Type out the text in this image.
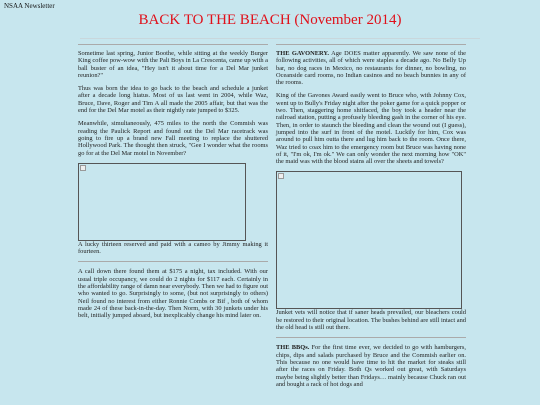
NSAA Newsletter
BACK TO THE BEACH (November 2014)

Sometime last spring, Junior Boothe, while sitting at the weekly Burger King coffee pow-wow with the Pali Boys in La Crescenta, came up with a ball buster of an idea, "Hey isn't it about time for a Del Mar junket reunion?"

Thus was born the idea to go back to the beach and schedule a junket after a decade long hiatus. Most of us last went in 2004, while Waz, Bruce, Dave, Roger and Tim A all made the 2005 affair, but that was the end for the Del Mar motel as their nightly rate jumped to $325.

Meanwhile, simultaneously, 475 miles to the north the Commish was reading the Paulick Report and found out the Del Mar racetrack was going to fire up a brand new Fall meeting to replace the shuttered Hollywood Park. The thought then struck, "Gee I wonder what the rooms go for at the Del Mar motel in November?

A lucky thirteen reserved and paid with a cameo by Jimmy making it fourteen.

A call down there found them at $175 a night, tax included. With our usual triple occupancy, we could do 2 nights for $117 each. Certainly in the affordability range of damn near everybody. Then we had to figure out who wanted to go. Surprisingly to some, (but not surprisingly to others) Neil found no interest from either Ronnie Combs or Bif , both of whom made 24 of these back-in-the-day. Then Norm, with 30 junkets under his belt, initially jumped aboard, but inexplicably change his mind later on.

THE GAVONERY. Age DOES matter apparently. We saw none of the following activities, all of which were staples a decade ago. No Belly Up bar, no dog races in Mexico, no restaurants for dinner, no bowling, no Oceanside card rooms, no Indian casinos and no beach bunnies in any of the rooms.

King of the Gavones Award easily went to Bruce who, with Johnny Cox, went up to Bully's Friday night after the poker game for a quick popper or two. Then, staggering home shitfaced, the boy took a header near the railroad station, putting a profusely bleeding gash in the corner of his eye. Then, in order to staunch the bleeding and clean the wound out (I guess), jumped into the surf in front of the motel. Luckily for him, Cox was around to pull him outta there and lug him back to the room. Once there, Waz tried to coax him to the emergency room but Bruce was having none of it, "I'm ok, I'm ok." We can only wonder the next morning how "OK" the maid was with the blood stains all over the sheets and towels?

Junket vets will notice that if saner heads prevailed, our bleachers could be restored to their original location. The bushes behind are still intact and the old head is still out there.

THE BBQs. For the first time ever, we decided to go with hamburgers, chips, dips and salads purchased by Bruce and the Commish earlier on. This because no one would have time to hit the market for steaks still after the races on Friday. Both Qs worked out great, with Saturdays maybe being slightly better than Fridays… mainly because Chuck ran out and bought a rack of hot dogs and
